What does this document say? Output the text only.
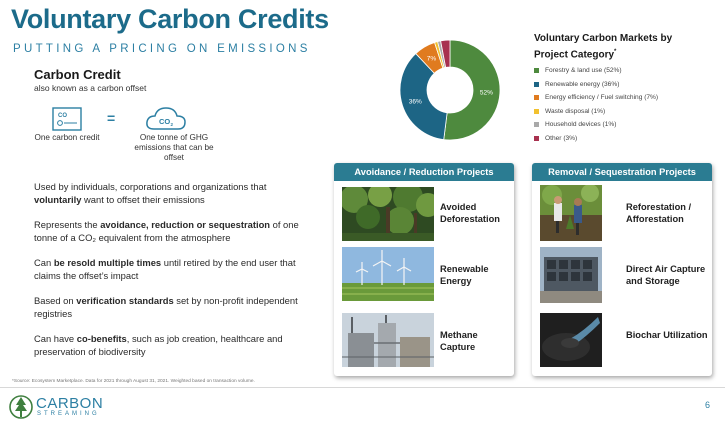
Voluntary Carbon Credits
PUTTING A PRICING ON EMISSIONS
Carbon Credit
also known as a carbon offset
CO	=	CO 2
One carbon credit	One tonne of GHG emissions that can be offset

Used by individuals, corporations and organizations that voluntarily want to offset their emissions

Represents the avoidance, reduction or sequestration of one tonne of a CO₂ equivalent from the atmosphere

Can be resold multiple times until retired by the end user that claims the offset’s impact

Based on verification standards set by non-profit independent registries

Can have co-benefits, such as job creation, healthcare and preservation of biodiversity

52%
36%
7%
Voluntary Carbon Markets by Project Category*
Forestry & land use (52%)
Renewable energy (36%)
Energy efficiency / Fuel switching (7%)
Waste disposal (1%)
Household devices (1%)
Other (3%)
Avoidance / Reduction Projects
Avoided Deforestation
Renewable Energy
Methane Capture
Removal / Sequestration Projects
Reforestation / Afforestation
Direct Air Capture and Storage
Biochar Utilization
*Source: Ecosystem Marketplace. Data for 2021 through August 31, 2021. Weighted based on transaction volume.
CARBON
STREAMING
6
